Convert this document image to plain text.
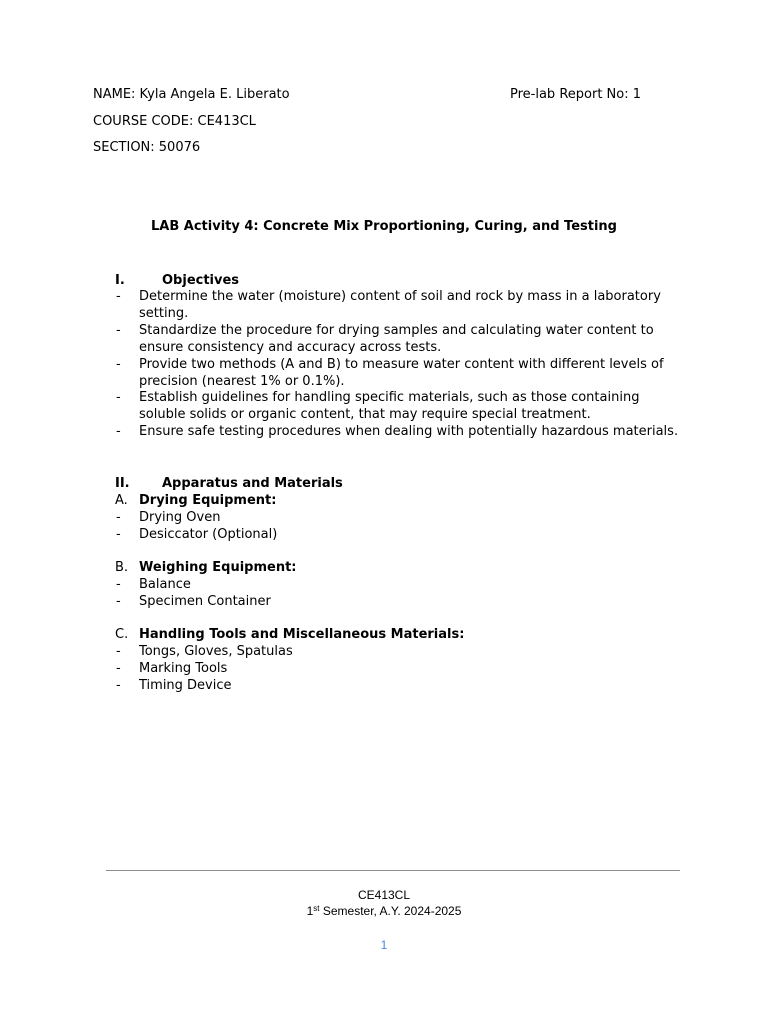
NAME: Kyla Angela E. Liberato	Pre-lab Report No: 1
COURSE CODE: CE413CL
SECTION: 50076
LAB Activity 4: Concrete Mix Proportioning, Curing, and Testing
I.	Objectives
- Determine the water (moisture) content of soil and rock by mass in a laboratory
setting.
- Standardize the procedure for drying samples and calculating water content to
ensure consistency and accuracy across tests.
- Provide two methods (A and B) to measure water content with different levels of
precision (nearest 1% or 0.1%).
- Establish guidelines for handling specific materials, such as those containing
soluble solids or organic content, that may require special treatment.
- Ensure safe testing procedures when dealing with potentially hazardous materials.
II. Apparatus and Materials
A. Drying Equipment:
- Drying Oven
- Desiccator (Optional)
B. Weighing Equipment:
- Balance
- Specimen Container
C. Handling Tools and Miscellaneous Materials:
- Tongs, Gloves, Spatulas
- Marking Tools
- Timing Device
CE413CL
1st Semester, A.Y. 2024-2025
1
